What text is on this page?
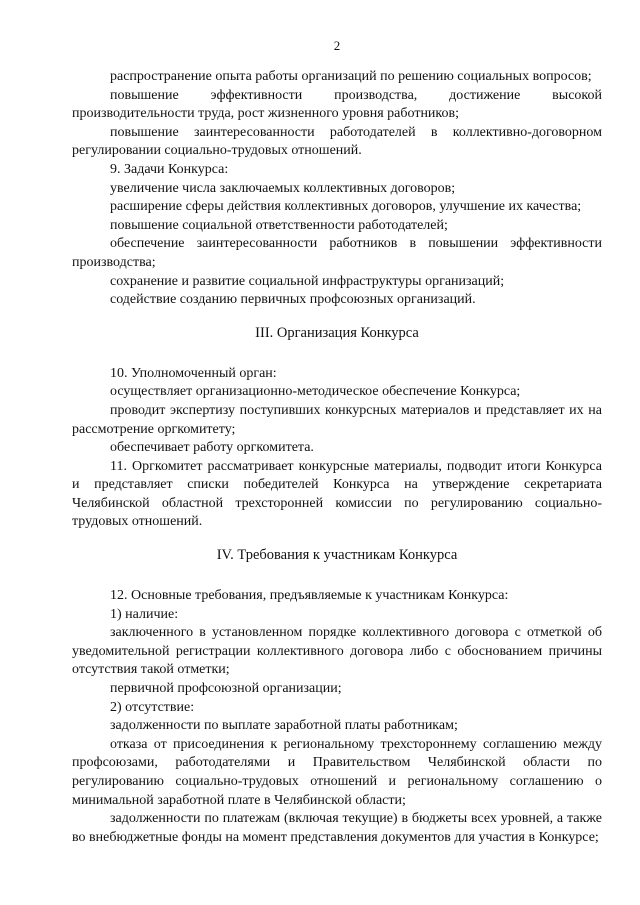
2

распространение опыта работы организаций по решению социальных вопросов;

повышение эффективности производства, достижение высокой производительности труда, рост жизненного уровня работников;

повышение заинтересованности работодателей в коллективно-договорном регулировании социально-трудовых отношений.

9. Задачи Конкурса:

увеличение числа заключаемых коллективных договоров;

расширение сферы действия коллективных договоров, улучшение их качества;

повышение социальной ответственности работодателей;

обеспечение заинтересованности работников в повышении эффективности производства;

сохранение и развитие социальной инфраструктуры организаций;

содействие созданию первичных профсоюзных организаций.

III. Организация Конкурса

10. Уполномоченный орган:

осуществляет организационно-методическое обеспечение Конкурса;

проводит экспертизу поступивших конкурсных материалов и представляет их на рассмотрение оргкомитету;

обеспечивает работу оргкомитета.

11. Оргкомитет рассматривает конкурсные материалы, подводит итоги Конкурса и представляет списки победителей Конкурса на утверждение секретариата Челябинской областной трехсторонней комиссии по регулированию социально-трудовых отношений.

IV. Требования к участникам Конкурса

12. Основные требования, предъявляемые к участникам Конкурса:

1) наличие:

заключенного в установленном порядке коллективного договора с отметкой об уведомительной регистрации коллективного договора либо с обоснованием причины отсутствия такой отметки;

первичной профсоюзной организации;

2) отсутствие:

задолженности по выплате заработной платы работникам;

отказа от присоединения к региональному трехстороннему соглашению между профсоюзами, работодателями и Правительством Челябинской области по регулированию социально-трудовых отношений и региональному соглашению о минимальной заработной плате в Челябинской области;

задолженности по платежам (включая текущие) в бюджеты всех уровней, а также во внебюджетные фонды на момент представления документов для участия в Конкурсе;
